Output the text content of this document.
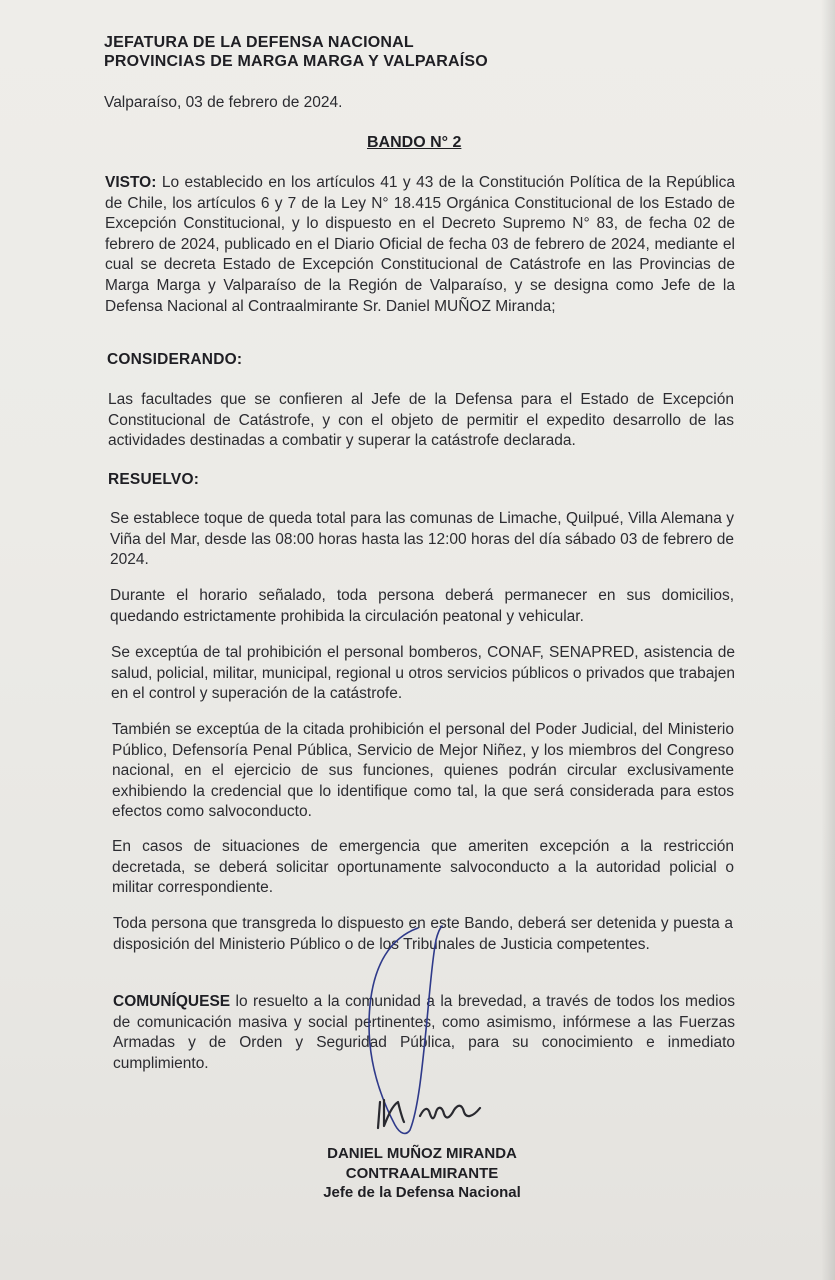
JEFATURA DE LA DEFENSA NACIONAL
PROVINCIAS DE MARGA MARGA Y VALPARAÍSO
Valparaíso, 03 de febrero de 2024.
BANDO N° 2
VISTO: Lo establecido en los artículos 41 y 43 de la Constitución Política de la República de Chile, los artículos 6 y 7 de la Ley N° 18.415 Orgánica Constitucional de los Estado de Excepción Constitucional, y lo dispuesto en el Decreto Supremo N° 83, de fecha 02 de febrero de 2024, publicado en el Diario Oficial de fecha 03 de febrero de 2024, mediante el cual se decreta Estado de Excepción Constitucional de Catástrofe en las Provincias de Marga Marga y Valparaíso de la Región de Valparaíso, y se designa como Jefe de la Defensa Nacional al Contraalmirante Sr. Daniel MUÑOZ Miranda;
CONSIDERANDO:
Las facultades que se confieren al Jefe de la Defensa para el Estado de Excepción Constitucional de Catástrofe, y con el objeto de permitir el expedito desarrollo de las actividades destinadas a combatir y superar la catástrofe declarada.
RESUELVO:
Se establece toque de queda total para las comunas de Limache, Quilpué, Villa Alemana y Viña del Mar, desde las 08:00 horas hasta las 12:00 horas del día sábado 03 de febrero de 2024.
Durante el horario señalado, toda persona deberá permanecer en sus domicilios, quedando estrictamente prohibida la circulación peatonal y vehicular.
Se exceptúa de tal prohibición el personal bomberos, CONAF, SENAPRED, asistencia de salud, policial, militar, municipal, regional u otros servicios públicos o privados que trabajen en el control y superación de la catástrofe.
También se exceptúa de la citada prohibición el personal del Poder Judicial, del Ministerio Público, Defensoría Penal Pública, Servicio de Mejor Niñez, y los miembros del Congreso nacional, en el ejercicio de sus funciones, quienes podrán circular exclusivamente exhibiendo la credencial que lo identifique como tal, la que será considerada para estos efectos como salvoconducto.
En casos de situaciones de emergencia que ameriten excepción a la restricción decretada, se deberá solicitar oportunamente salvoconducto a la autoridad policial o militar correspondiente.
Toda persona que transgreda lo dispuesto en este Bando, deberá ser detenida y puesta a disposición del Ministerio Público o de los Tribunales de Justicia competentes.
COMUNÍQUESE lo resuelto a la comunidad a la brevedad, a través de todos los medios de comunicación masiva y social pertinentes, como asimismo, infórmese a las Fuerzas Armadas y de Orden y Seguridad Pública, para su conocimiento e inmediato cumplimiento.
DANIEL MUÑOZ MIRANDA
CONTRAALMIRANTE
Jefe de la Defensa Nacional
